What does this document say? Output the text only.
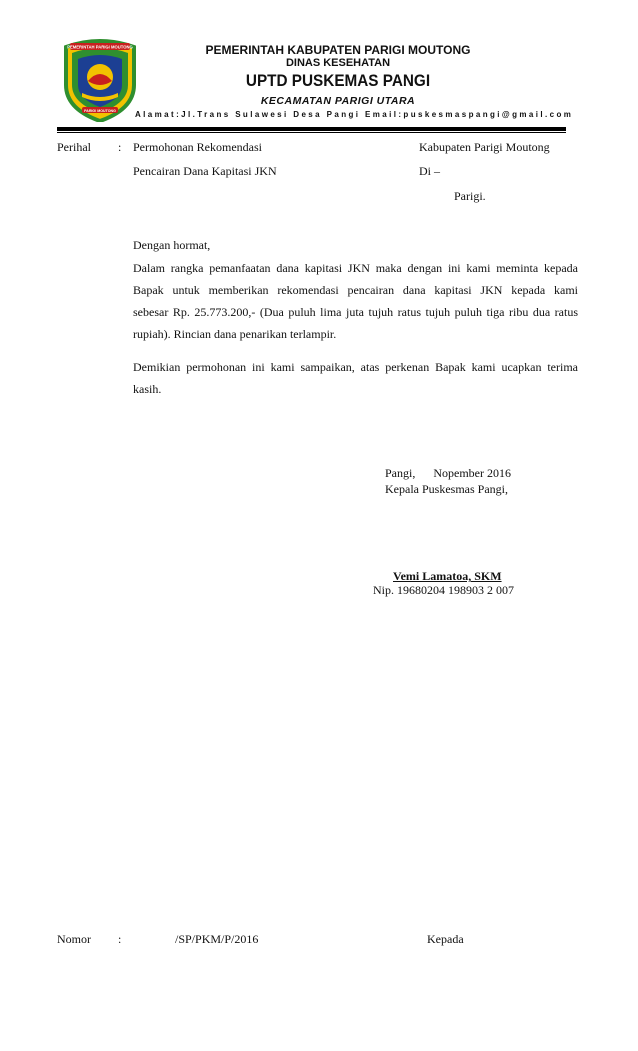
PEMERINTAH PARIGI MOUTONG
PARIGI MOUTONG
PEMERINTAH KABUPATEN PARIGI MOUTONG
DINAS KESEHATAN
UPTD PUSKEMAS PANGI
KECAMATAN PARIGI UTARA
Alamat:Jl.Trans Sulawesi Desa Pangi Email:puskesmaspangi@gmail.com
Perihal : Permohonan Rekomendasi
Pencairan Dana Kapitasi JKN
Kabupaten Parigi Moutong
Di –
Parigi.
Dengan hormat,
Dalam rangka pemanfaatan dana kapitasi JKN maka dengan ini kami meminta kepada
Bapak untuk memberikan rekomendasi pencairan dana kapitasi JKN kepada kami
sebesar Rp. 25.773.200,- (Dua puluh lima juta tujuh ratus tujuh puluh tiga ribu dua ratus
rupiah). Rincian dana penarikan terlampir.
Demikian permohonan ini kami sampaikan, atas perkenan Bapak kami ucapkan terima
kasih.
Pangi,      Nopember 2016
Kepala Puskesmas Pangi,
Vemi Lamatoa, SKM
Nip. 19680204 198903 2 007
Nomor :	/SP/PKM/P/2016	Kepada
